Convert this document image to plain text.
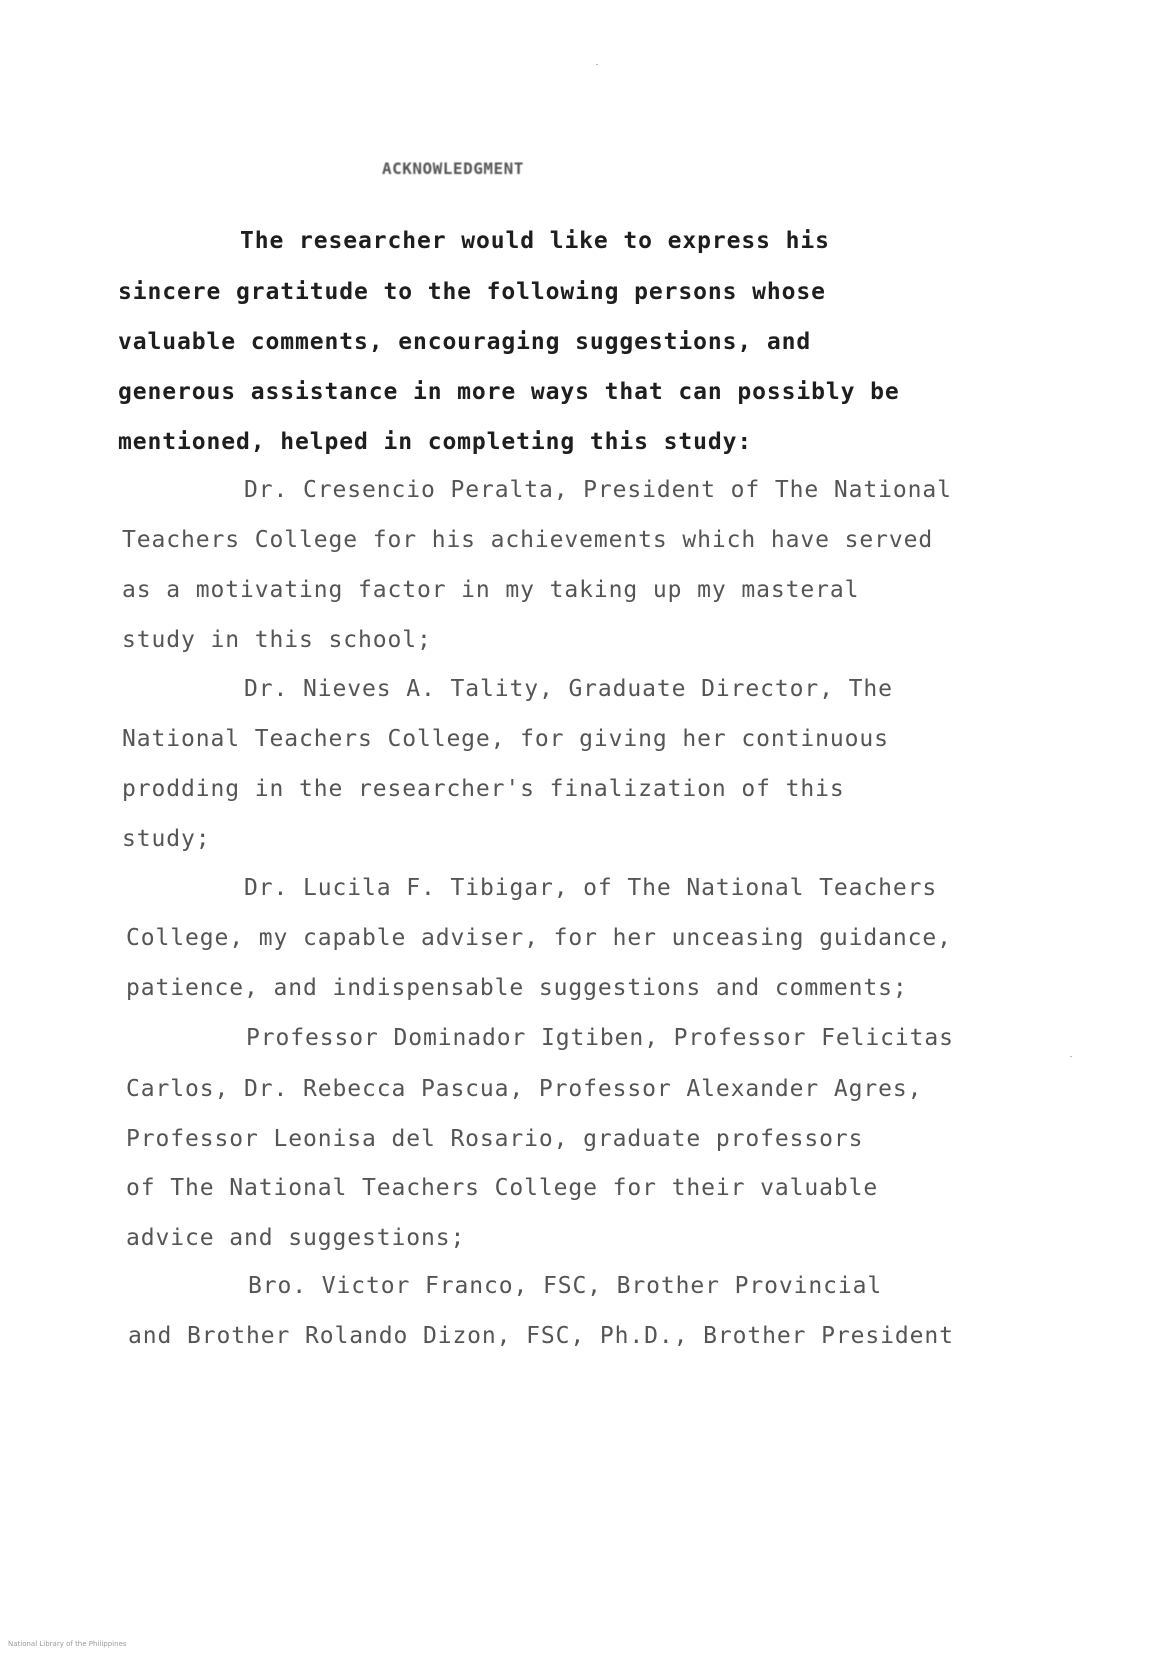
ACKNOWLEDGMENT
The researcher would like to express his
sincere gratitude to the following persons whose
valuable comments, encouraging suggestions, and
generous assistance in more ways that can possibly be
mentioned, helped in completing this study:
Dr. Cresencio Peralta, President of The National
Teachers College for his achievements which have served
as a motivating factor in my taking up my masteral
study in this school;
Dr. Nieves A. Tality, Graduate Director, The
National Teachers College, for giving her continuous
prodding in the researcher's finalization of this
study;
Dr. Lucila F. Tibigar, of The National Teachers
College, my capable adviser, for her unceasing guidance,
patience, and indispensable suggestions and comments;
Professor Dominador Igtiben, Professor Felicitas
Carlos, Dr. Rebecca Pascua, Professor Alexander Agres,
Professor Leonisa del Rosario, graduate professors
of The National Teachers College for their valuable
advice and suggestions;
Bro. Victor Franco, FSC, Brother Provincial
and Brother Rolando Dizon, FSC, Ph.D., Brother President
National Library of the Philippines
